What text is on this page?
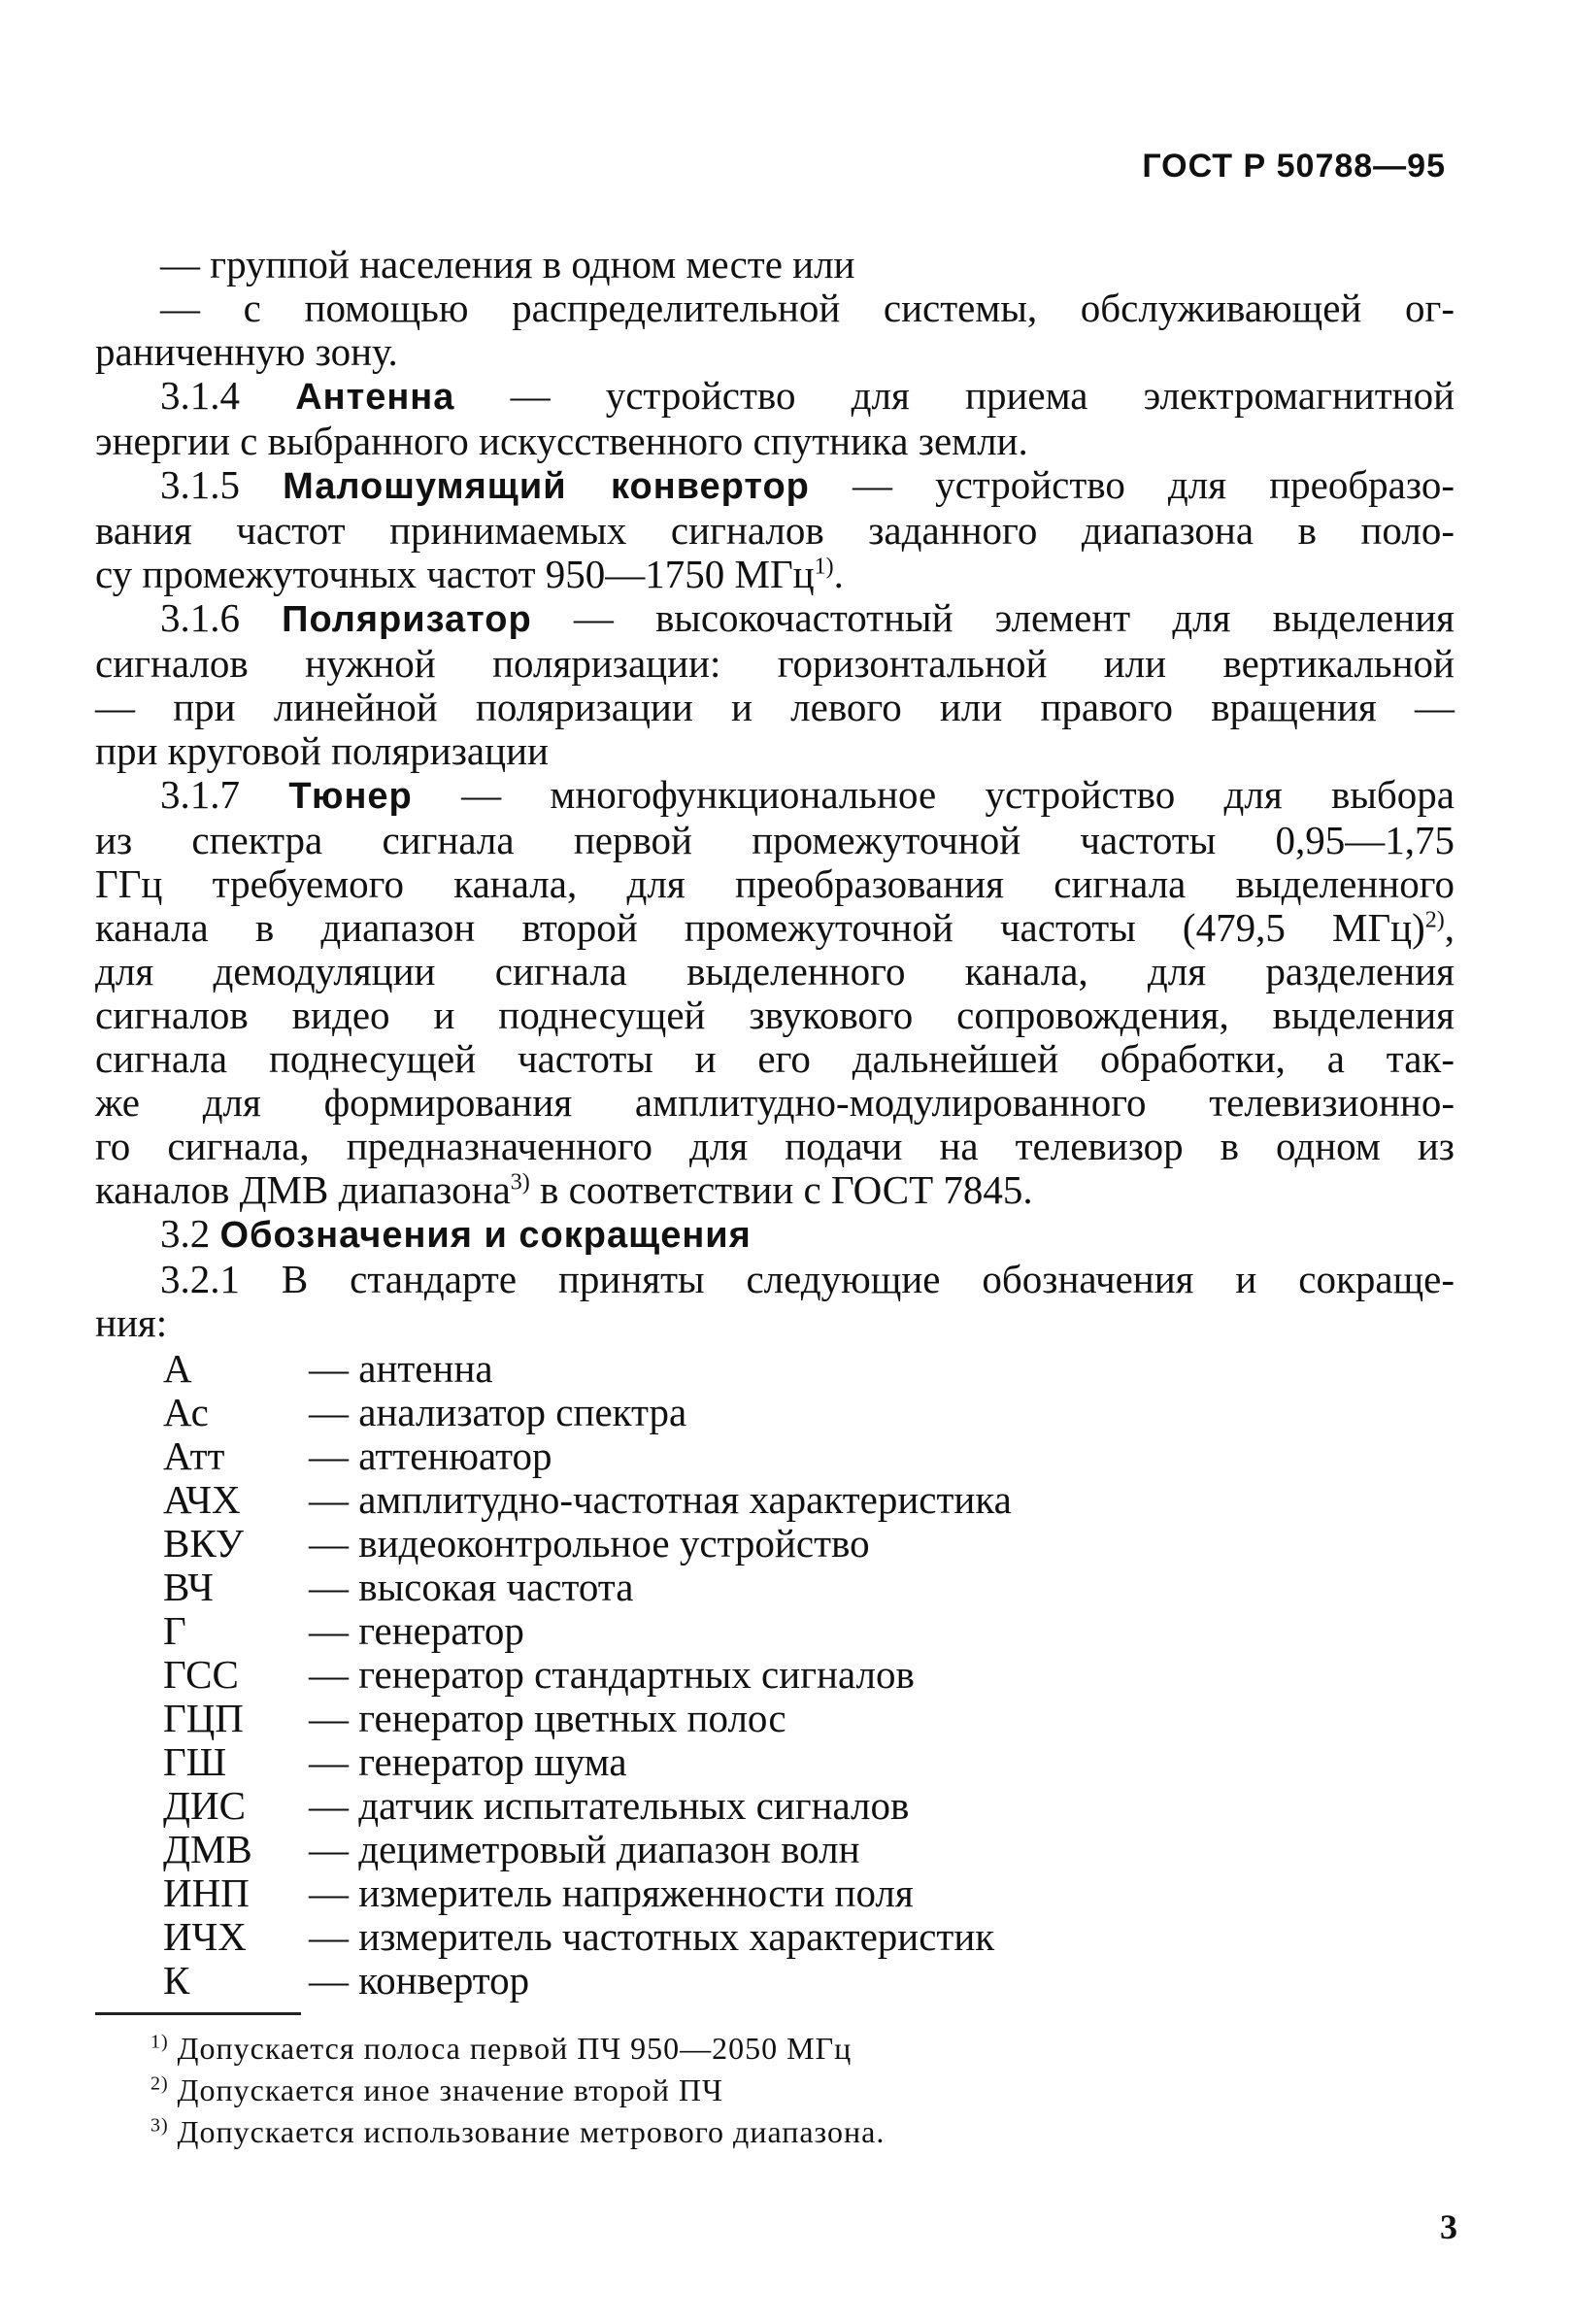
ГОСТ Р 50788—95
— группой населения в одном месте или
— с помощью распределительной системы, обслуживающей ог-
раниченную зону.
3.1.4 Антенна — устройство для приема электромагнитной
энергии с выбранного искусственного спутника земли.
3.1.5 Малошумящий конвертор — устройство для преобразо-
вания частот принимаемых сигналов заданного диапазона в поло-
су промежуточных частот 950—1750 МГц$^{1)}$.
3.1.6 Поляризатор — высокочастотный элемент для выделения
сигналов нужной поляризации: горизонтальной или вертикальной
— при линейной поляризации и левого или правого вращения —
при круговой поляризации
3.1.7 Тюнер — многофункциональное устройство для выбора
из спектра сигнала первой промежуточной частоты 0,95—1,75
ГГц требуемого канала, для преобразования сигнала выделенного
канала в диапазон второй промежуточной частоты (479,5 МГц)$^{2)}$,
для демодуляции сигнала выделенного канала, для разделения
сигналов видео и поднесущей звукового сопровождения, выделения
сигнала поднесущей частоты и его дальнейшей обработки, а так-
же для формирования амплитудно-модулированного телевизионно-
го сигнала, предназначенного для подачи на телевизор в одном из
каналов ДМВ диапазона$^{3)}$ в соответствии с ГОСТ 7845.
3.2 Обозначения и сокращения
3.2.1 В стандарте приняты следующие обозначения и сокраще-
ния:
А	— антенна
Ас	— анализатор спектра
Атт	— аттенюатор
АЧХ	— амплитудно-частотная характеристика
ВКУ	— видеоконтрольное устройство
ВЧ	— высокая частота
Г	— генератор
ГСС	— генератор стандартных сигналов
ГЦП	— генератор цветных полос
ГШ	— генератор шума
ДИС	— датчик испытательных сигналов
ДМВ	— дециметровый диапазон волн
ИНП	— измеритель напряженности поля
ИЧХ	— измеритель частотных характеристик
К	— конвертор
$^{1)}$ Допускается полоса первой ПЧ 950—2050 МГц
$^{2)}$ Допускается иное значение второй ПЧ
$^{3)}$ Допускается использование метрового диапазона.
3
